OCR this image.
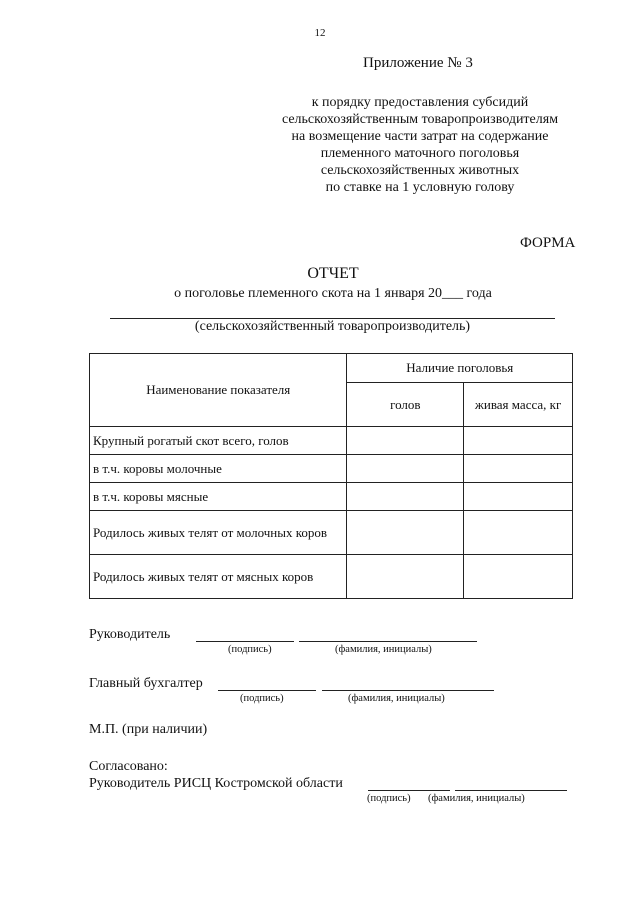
12
Приложение № 3
к порядку предоставления субсидий
сельскохозяйственным товаропроизводителям
на возмещение части затрат на содержание
племенного маточного поголовья
сельскохозяйственных животных
по ставке на 1 условную голову
ФОРМА
ОТЧЕТ
о поголовье племенного скота на 1 января 20___ года
(сельскохозяйственный товаропроизводитель)
Наименование показателя	Наличие поголовья	
	голов	живая масса, кг
Крупный рогатый скот всего, голов		
в т.ч. коровы молочные		
в т.ч. коровы мясные		
Родилось живых телят от молочных коров		
Родилось живых телят от мясных коров		
Руководитель
(подпись)	(фамилия, инициалы)
Главный бухгалтер
(подпись)	(фамилия, инициалы)
М.П. (при наличии)
Согласовано:
Руководитель РИСЦ Костромской области
(подпись) (фамилия, инициалы)
